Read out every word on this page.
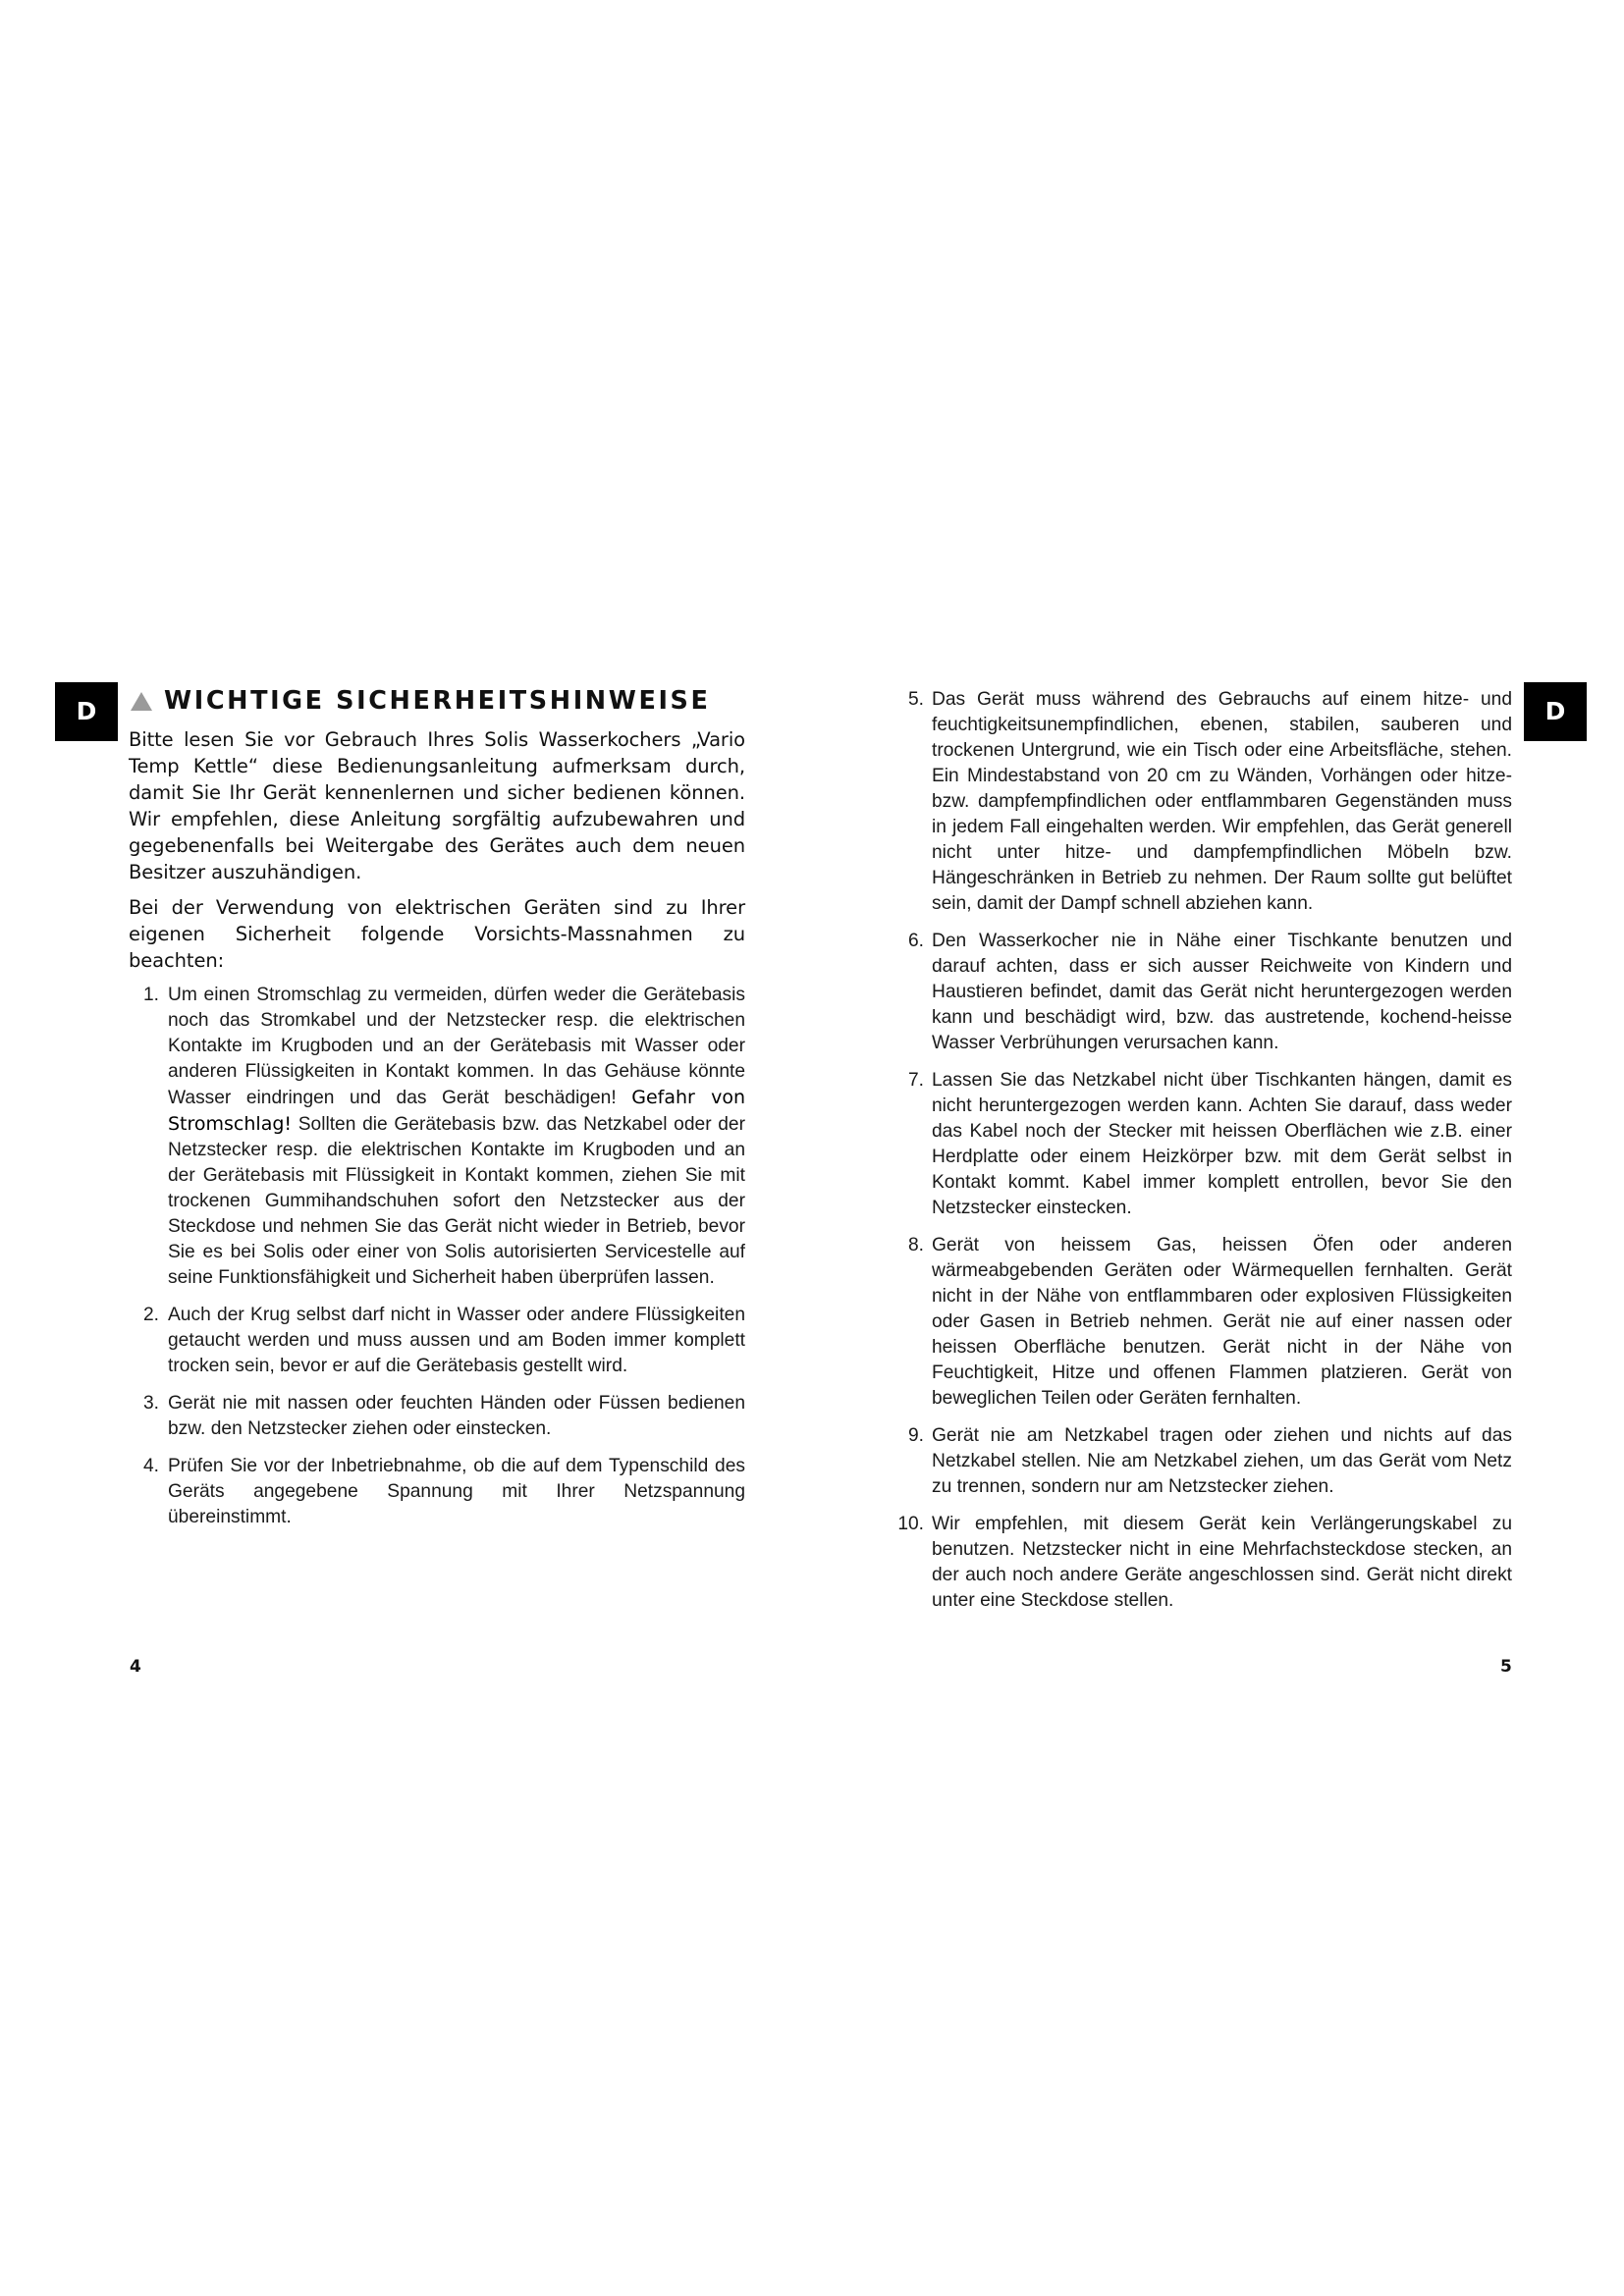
D	D
WICHTIGE SICHERHEITSHINWEISE

Bitte lesen Sie vor Gebrauch Ihres Solis Wasserkochers „Vario Temp Kettle“ diese Bedienungsanleitung aufmerksam durch, damit Sie Ihr Gerät kennenlernen und sicher bedienen können. Wir empfehlen, diese Anleitung sorgfältig aufzubewahren und gegebenenfalls bei Weitergabe des Gerätes auch dem neuen Besitzer auszuhändigen.

Bei der Verwendung von elektrischen Geräten sind zu Ihrer eigenen Sicherheit folgende Vorsichts-Massnahmen zu beachten:

1. Um einen Stromschlag zu vermeiden, dürfen weder die Gerätebasis noch das Stromkabel und der Netzstecker resp. die elektrischen Kontakte im Krugboden und an der Gerätebasis mit Wasser oder anderen Flüssigkeiten in Kontakt kommen. In das Gehäuse könnte Wasser eindringen und das Gerät beschädigen! Gefahr von Stromschlag! Sollten die Gerätebasis bzw. das Netzkabel oder der Netzstecker resp. die elektrischen Kontakte im Krugboden und an der Gerätebasis mit Flüssigkeit in Kontakt kommen, ziehen Sie mit trockenen Gummihandschuhen sofort den Netzstecker aus der Steckdose und nehmen Sie das Gerät nicht wieder in Betrieb, bevor Sie es bei Solis oder einer von Solis autorisierten Servicestelle auf seine Funktionsfähigkeit und Sicherheit haben überprüfen lassen.
2. Auch der Krug selbst darf nicht in Wasser oder andere Flüssigkeiten getaucht werden und muss aussen und am Boden immer komplett trocken sein, bevor er auf die Gerätebasis gestellt wird.
3. Gerät nie mit nassen oder feuchten Händen oder Füssen bedienen bzw. den Netzstecker ziehen oder einstecken.
4. Prüfen Sie vor der Inbetriebnahme, ob die auf dem Typenschild des Geräts angegebene Spannung mit Ihrer Netzspannung übereinstimmt.
5. Das Gerät muss während des Gebrauchs auf einem hitze- und feuchtigkeitsunempfindlichen, ebenen, stabilen, sauberen und trockenen Untergrund, wie ein Tisch oder eine Arbeitsfläche, stehen. Ein Mindestabstand von 20 cm zu Wänden, Vorhängen oder hitze- bzw. dampfempfindlichen oder entflammbaren Gegenständen muss in jedem Fall eingehalten werden. Wir empfehlen, das Gerät generell nicht unter hitze- und dampfempfindlichen Möbeln bzw. Hängeschränken in Betrieb zu nehmen. Der Raum sollte gut belüftet sein, damit der Dampf schnell abziehen kann.
6. Den Wasserkocher nie in Nähe einer Tischkante benutzen und darauf achten, dass er sich ausser Reichweite von Kindern und Haustieren befindet, damit das Gerät nicht heruntergezogen werden kann und beschädigt wird, bzw. das austretende, kochend-heisse Wasser Verbrühungen verursachen kann.
7. Lassen Sie das Netzkabel nicht über Tischkanten hängen, damit es nicht heruntergezogen werden kann. Achten Sie darauf, dass weder das Kabel noch der Stecker mit heissen Oberflächen wie z.B. einer Herdplatte oder einem Heizkörper bzw. mit dem Gerät selbst in Kontakt kommt. Kabel immer komplett entrollen, bevor Sie den Netzstecker einstecken.
8. Gerät von heissem Gas, heissen Öfen oder anderen wärmeabgebenden Geräten oder Wärmequellen fernhalten. Gerät nicht in der Nähe von entflammbaren oder explosiven Flüssigkeiten oder Gasen in Betrieb nehmen. Gerät nie auf einer nassen oder heissen Oberfläche benutzen. Gerät nicht in der Nähe von Feuchtigkeit, Hitze und offenen Flammen platzieren. Gerät von beweglichen Teilen oder Geräten fernhalten.
9. Gerät nie am Netzkabel tragen oder ziehen und nichts auf das Netzkabel stellen. Nie am Netzkabel ziehen, um das Gerät vom Netz zu trennen, sondern nur am Netzstecker ziehen.
10. Wir empfehlen, mit diesem Gerät kein Verlängerungskabel zu benutzen. Netzstecker nicht in eine Mehrfachsteckdose stecken, an der auch noch andere Geräte angeschlossen sind. Gerät nicht direkt unter eine Steckdose stellen.
4	5
